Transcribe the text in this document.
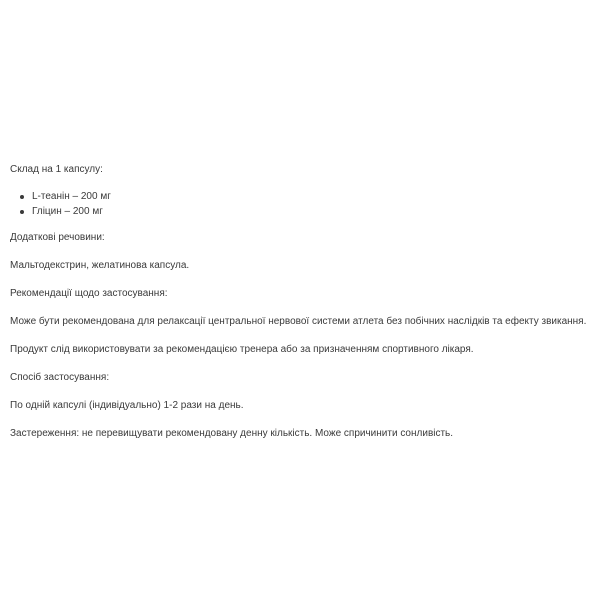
Склад на 1 капсулу:

L-теанін – 200 мг
Гліцин – 200 мг

Додаткові речовини:

Мальтодекстрин, желатинова капсула.

Рекомендації щодо застосування:

Може бути рекомендована для релаксації центральної нервової системи атлета без побічних наслідків та ефекту звикання.

Продукт слід використовувати за рекомендацією тренера або за призначенням спортивного лікаря.

Спосіб застосування:

По одній капсулі (індивідуально) 1-2 рази на день.

Застереження: не перевищувати рекомендовану денну кількість. Може спричинити сонливість.
